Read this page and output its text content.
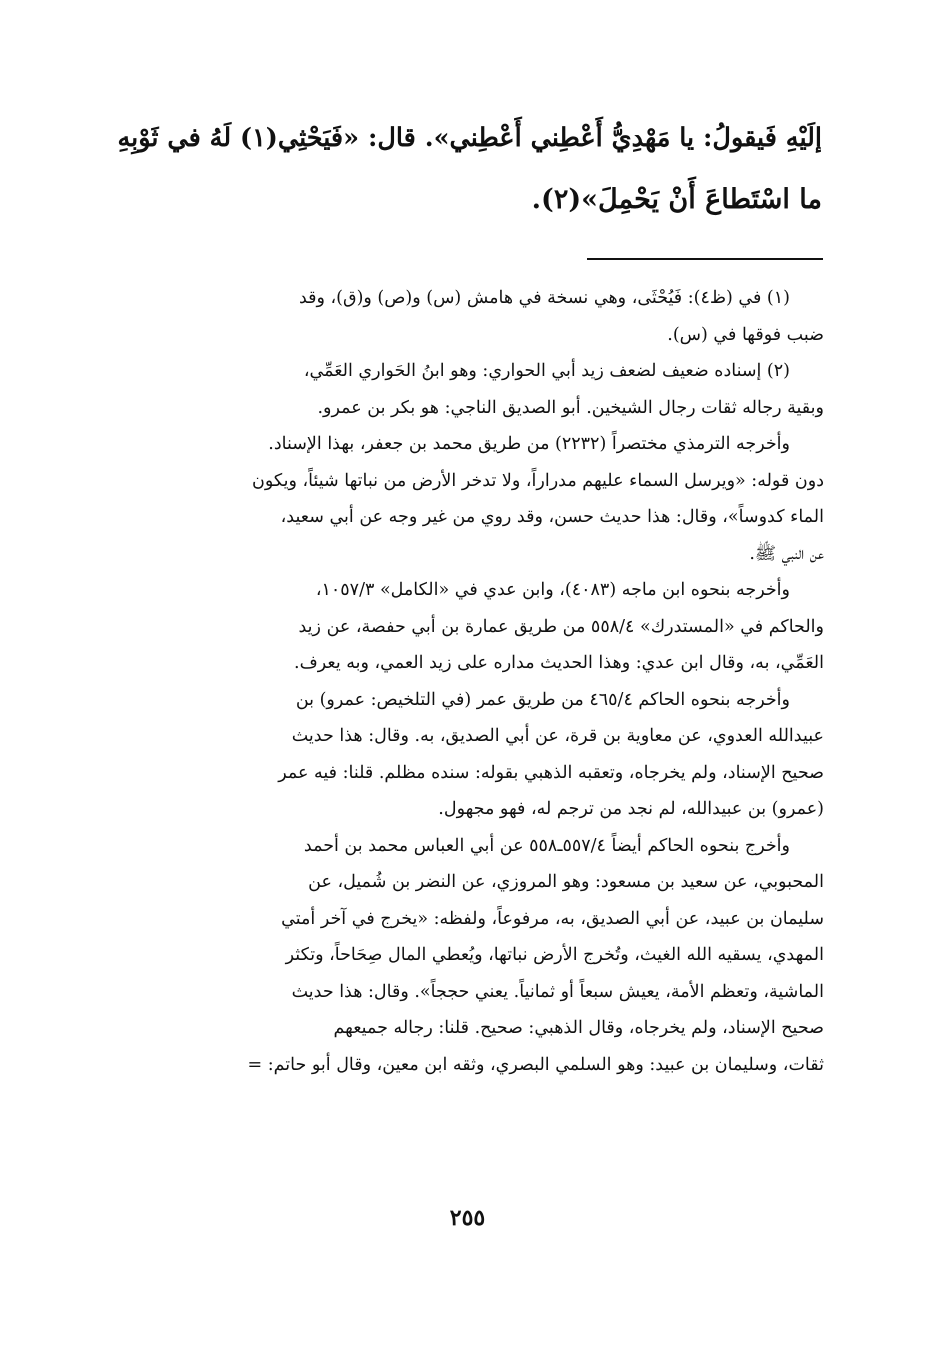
إلَيْهِ فَيقولُ: يا مَهْدِيُّ أَعْطِني أَعْطِني». قال: «فَيَحْثِي(١) لَهُ في ثَوْبِهِ
ما اسْتَطاعَ أَنْ يَحْمِلَ»(٢).
(١) في (ظ٤): فَيُحْثَى، وهي نسخة في هامش (س) و(ص) و(ق)، وقد
ضبب فوقها في (س).
(٢) إسناده ضعيف لضعف زيد أبي الحواري: وهو ابنُ الحَواري العَمِّي،
وبقية رجاله ثقات رجال الشيخين. أبو الصديق الناجي: هو بكر بن عمرو.
وأخرجه الترمذي مختصراً (٢٢٣٢) من طريق محمد بن جعفر، بهذا الإسناد.
دون قوله: «ويرسل السماء عليهم مدراراً، ولا تدخر الأرض من نباتها شيئاً، ويكون
الماء كدوساً»، وقال: هذا حديث حسن، وقد روي من غير وجه عن أبي سعيد،
عن النبي ﷺ.
وأخرجه بنحوه ابن ماجه (٤٠٨٣)، وابن عدي في «الكامل» ١٠٥٧/٣،
والحاكم في «المستدرك» ٥٥٨/٤ من طريق عمارة بن أبي حفصة، عن زيد
العَمِّي، به، وقال ابن عدي: وهذا الحديث مداره على زيد العمي، وبه يعرف.
وأخرجه بنحوه الحاكم ٤٦٥/٤ من طريق عمر (في التلخيص: عمرو) بن
عبيدالله العدوي، عن معاوية بن قرة، عن أبي الصديق، به. وقال: هذا حديث
صحيح الإسناد، ولم يخرجاه، وتعقبه الذهبي بقوله: سنده مظلم. قلنا: فيه عمر
(عمرو) بن عبيدالله، لم نجد من ترجم له، فهو مجهول.
وأخرج بنحوه الحاكم أيضاً ٥٥٧/٤ـ٥٥٨ عن أبي العباس محمد بن أحمد
المحبوبي، عن سعيد بن مسعود: وهو المروزي، عن النضر بن شُميل، عن
سليمان بن عبيد، عن أبي الصديق، به، مرفوعاً، ولفظه: «يخرج في آخر أمتي
المهدي، يسقيه الله الغيث، وتُخرج الأرض نباتها، ويُعطي المال صِحَاحاً، وتكثر
الماشية، وتعظم الأمة، يعيش سبعاً أو ثمانياً. يعني حججاً». وقال: هذا حديث
صحيح الإسناد، ولم يخرجاه، وقال الذهبي: صحيح. قلنا: رجاله جميعهم
ثقات، وسليمان بن عبيد: وهو السلمي البصري، وثقه ابن معين، وقال أبو حاتم: =
٢٥٥
